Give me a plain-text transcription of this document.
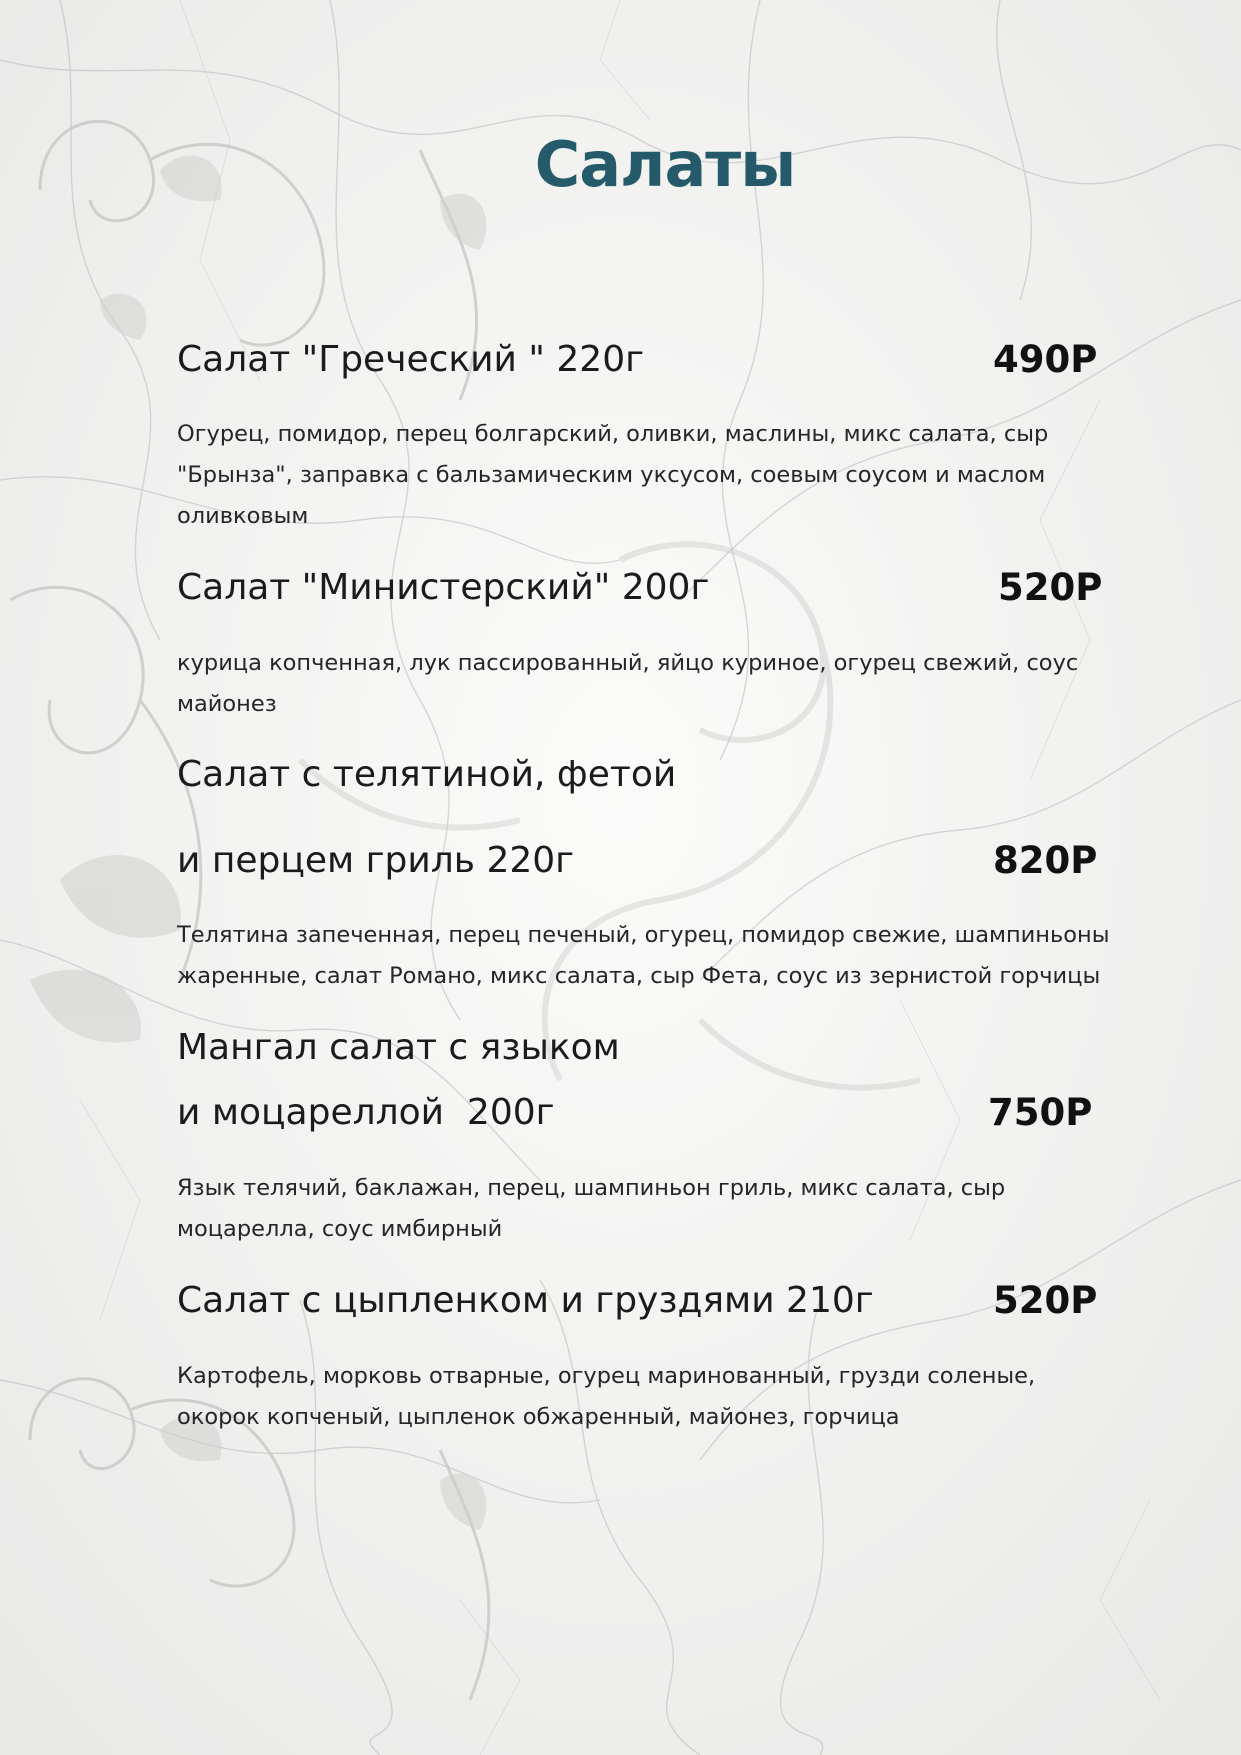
Салаты
Салат "Греческий " 220г	490Р

Огурец, помидор, перец болгарский, оливки, маслины, микс салата, сыр "Брынза", заправка с бальзамическим уксусом, соевым соусом и маслом оливковым

Салат "Министерский" 200г	520Р

курица копченная, лук пассированный, яйцо куриное, огурец свежий, соус майонез

Салат с телятиной, фетой
и перцем гриль 220г	820Р

Телятина запеченная, перец печеный, огурец, помидор свежие, шампиньоны жаренные, салат Романо, микс салата, сыр Фета, соус из зернистой горчицы

Мангал салат с языком
и моцареллой  200г	750Р

Язык телячий, баклажан, перец, шампиньон гриль, микс салата, сыр моцарелла, соус имбирный

Салат с цыпленком и груздями 210г	520Р

Картофель, морковь отварные, огурец маринованный, грузди соленые, окорок копченый, цыпленок обжаренный, майонез, горчица
